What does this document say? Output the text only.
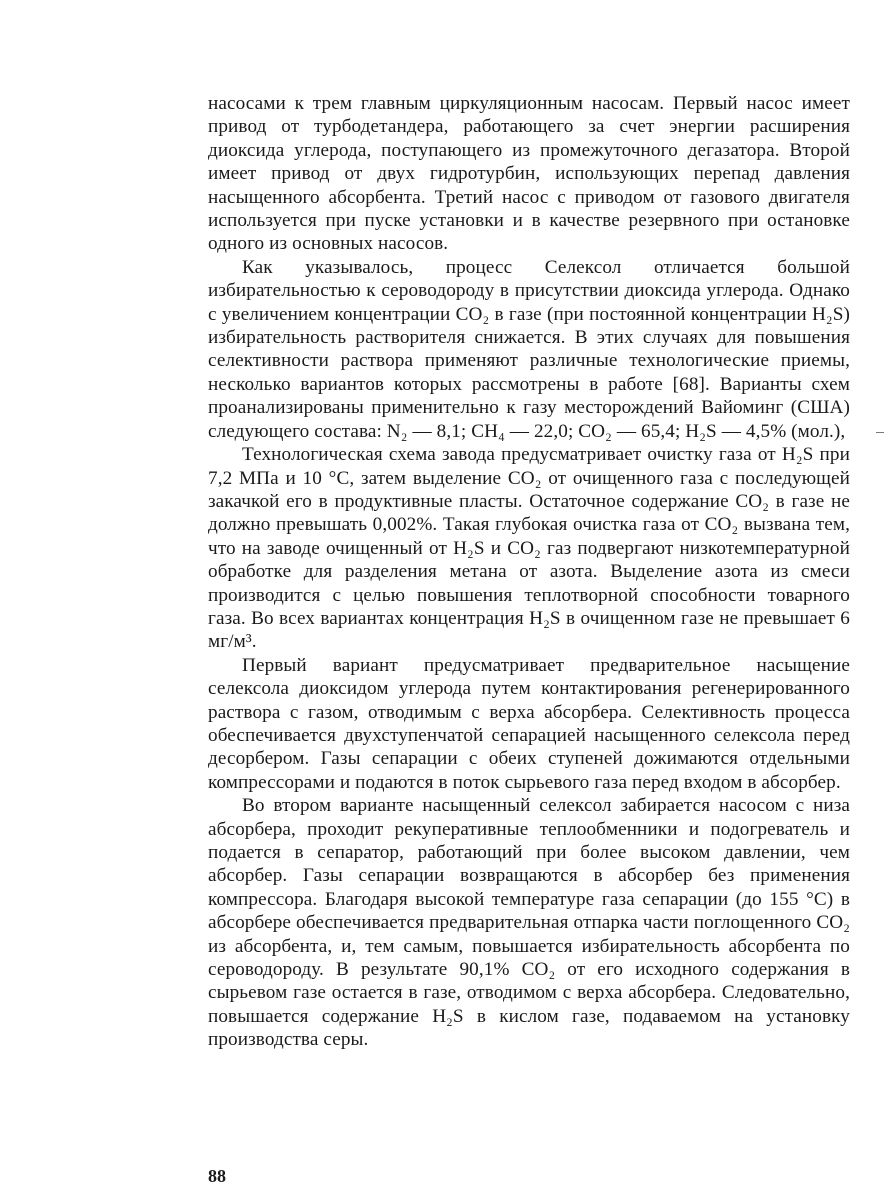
насосами к трем главным циркуляционным насосам. Первый насос имеет привод от турбодетандера, работающего за счет энергии расширения диоксида углерода, поступающего из промежуточного дегазатора. Второй имеет привод от двух гидротурбин, использующих перепад давления насыщенного абсорбента. Третий насос с приводом от газового двигателя используется при пуске установки и в качестве резервного при остановке одного из основных насосов.

Как указывалось, процесс Селексол отличается большой избирательностью к сероводороду в присутствии диоксида углерода. Однако с увеличением концентрации CO₂ в газе (при постоянной концентрации H₂S) избирательность растворителя снижается. В этих случаях для повышения селективности раствора применяют различные технологические приемы, несколько вариантов которых рассмотрены в работе [68]. Варианты схем проанализированы применительно к газу месторождений Вайоминг (США) следующего состава: N₂ — 8,1; CH₄ — 22,0; CO₂ — 65,4; H₂S — 4,5% (мол.),

Технологическая схема завода предусматривает очистку газа от H₂S при 7,2 МПа и 10 °С, затем выделение CO₂ от очищенного газа с последующей закачкой его в продуктивные пласты. Остаточное содержание CO₂ в газе не должно превышать 0,002%. Такая глубокая очистка газа от CO₂ вызвана тем, что на заводе очищенный от H₂S и CO₂ газ подвергают низкотемпературной обработке для разделения метана от азота. Выделение азота из смеси производится с целью повышения теплотворной способности товарного газа. Во всех вариантах концентрация H₂S в очищенном газе не превышает 6 мг/м³.

Первый вариант предусматривает предварительное насыщение селексола диоксидом углерода путем контактирования регенерированного раствора с газом, отводимым с верха абсорбера. Селективность процесса обеспечивается двухступенчатой сепарацией насыщенного селексола перед десорбером. Газы сепарации с обеих ступеней дожимаются отдельными компрессорами и подаются в поток сырьевого газа перед входом в абсорбер.

Во втором варианте насыщенный селексол забирается насосом с низа абсорбера, проходит рекуперативные теплообменники и подогреватель и подается в сепаратор, работающий при более высоком давлении, чем абсорбер. Газы сепарации возвращаются в абсорбер без применения компрессора. Благодаря высокой температуре газа сепарации (до 155 °С) в абсорбере обеспечивается предварительная отпарка части поглощенного CO₂ из абсорбента, и, тем самым, повышается избирательность абсорбента по сероводороду. В результате 90,1% CO₂ от его исходного содержания в сырьевом газе остается в газе, отводимом с верха абсорбера. Следовательно, повышается содержание H₂S в кислом газе, подаваемом на установку производства серы.

88
